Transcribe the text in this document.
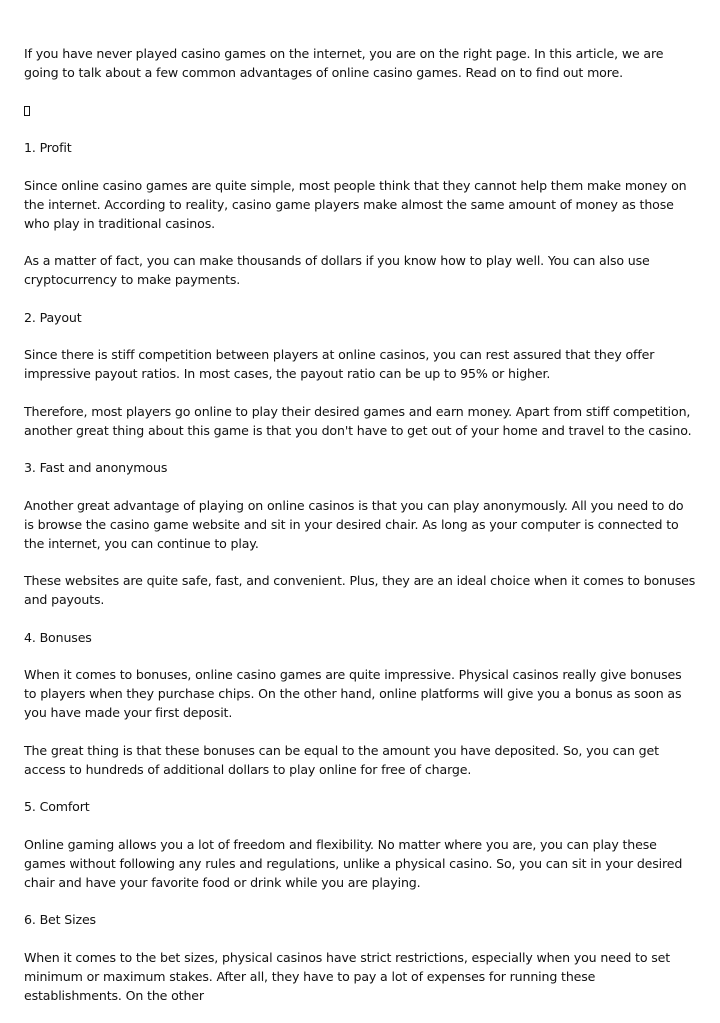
If you have never played casino games on the internet, you are on the right page. In this article, we are going to talk about a few common advantages of online casino games. Read on to find out more.

1. Profit

Since online casino games are quite simple, most people think that they cannot help them make money on the internet. According to reality, casino game players make almost the same amount of money as those who play in traditional casinos.

As a matter of fact, you can make thousands of dollars if you know how to play well. You can also use cryptocurrency to make payments.

2. Payout

Since there is stiff competition between players at online casinos, you can rest assured that they offer impressive payout ratios. In most cases, the payout ratio can be up to 95% or higher.

Therefore, most players go online to play their desired games and earn money. Apart from stiff competition, another great thing about this game is that you don't have to get out of your home and travel to the casino.

3. Fast and anonymous

Another great advantage of playing on online casinos is that you can play anonymously. All you need to do is browse the casino game website and sit in your desired chair. As long as your computer is connected to the internet, you can continue to play.

These websites are quite safe, fast, and convenient. Plus, they are an ideal choice when it comes to bonuses and payouts.

4. Bonuses

When it comes to bonuses, online casino games are quite impressive. Physical casinos really give bonuses to players when they purchase chips. On the other hand, online platforms will give you a bonus as soon as you have made your first deposit.

The great thing is that these bonuses can be equal to the amount you have deposited. So, you can get access to hundreds of additional dollars to play online for free of charge.

5. Comfort

Online gaming allows you a lot of freedom and flexibility. No matter where you are, you can play these games without following any rules and regulations, unlike a physical casino. So, you can sit in your desired chair and have your favorite food or drink while you are playing.

6. Bet Sizes

When it comes to the bet sizes, physical casinos have strict restrictions, especially when you need to set minimum or maximum stakes. After all, they have to pay a lot of expenses for running these establishments. On the other
